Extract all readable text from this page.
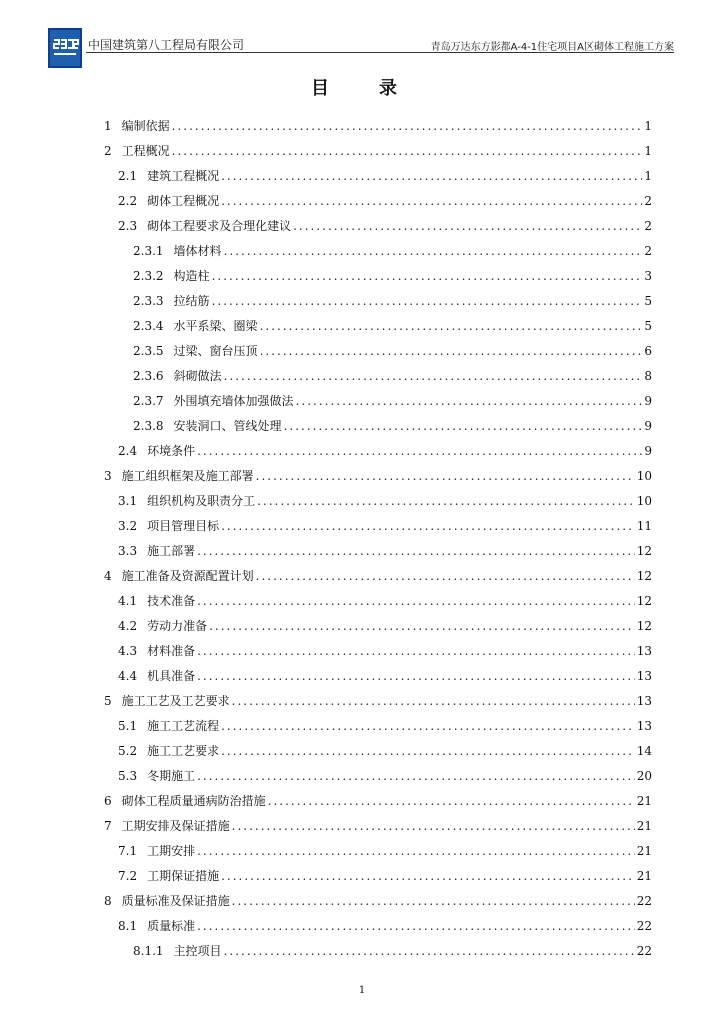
中国建筑第八工程局有限公司	青岛万达东方影都A-4-1住宅项目A区砌体工程施工方案
目　录
1 编制依据 .....	1
2 工程概况 .....	1
2.1 建筑工程概况 .....	1
2.2 砌体工程概况 .....	2
2.3 砌体工程要求及合理化建议 .....	2
2.3.1 墙体材料 .....	2
2.3.2 构造柱 .....	3
2.3.3 拉结筋 .....	5
2.3.4 水平系梁、圈梁 .....	5
2.3.5 过梁、窗台压顶 .....	6
2.3.6 斜砌做法 .....	8
2.3.7 外围填充墙体加强做法 .....	9
2.3.8 安装洞口、管线处理 .....	9
2.4 环境条件 .....	9
3 施工组织框架及施工部署 .....	10
3.1 组织机构及职责分工 .....	10
3.2 项目管理目标 .....	11
3.3 施工部署 .....	12
4 施工准备及资源配置计划 .....	12
4.1 技术准备 .....	12
4.2 劳动力准备 .....	12
4.3 材料准备 .....	13
4.4 机具准备 .....	13
5 施工工艺及工艺要求 .....	13
5.1 施工工艺流程 .....	13
5.2 施工工艺要求 .....	14
5.3 冬期施工 .....	20
6 砌体工程质量通病防治措施 .....	21
7 工期安排及保证措施 .....	21
7.1 工期安排 .....	21
7.2 工期保证措施 .....	21
8 质量标准及保证措施 .....	22
8.1 质量标准 .....	22
8.1.1 主控项目 .....	22
1
